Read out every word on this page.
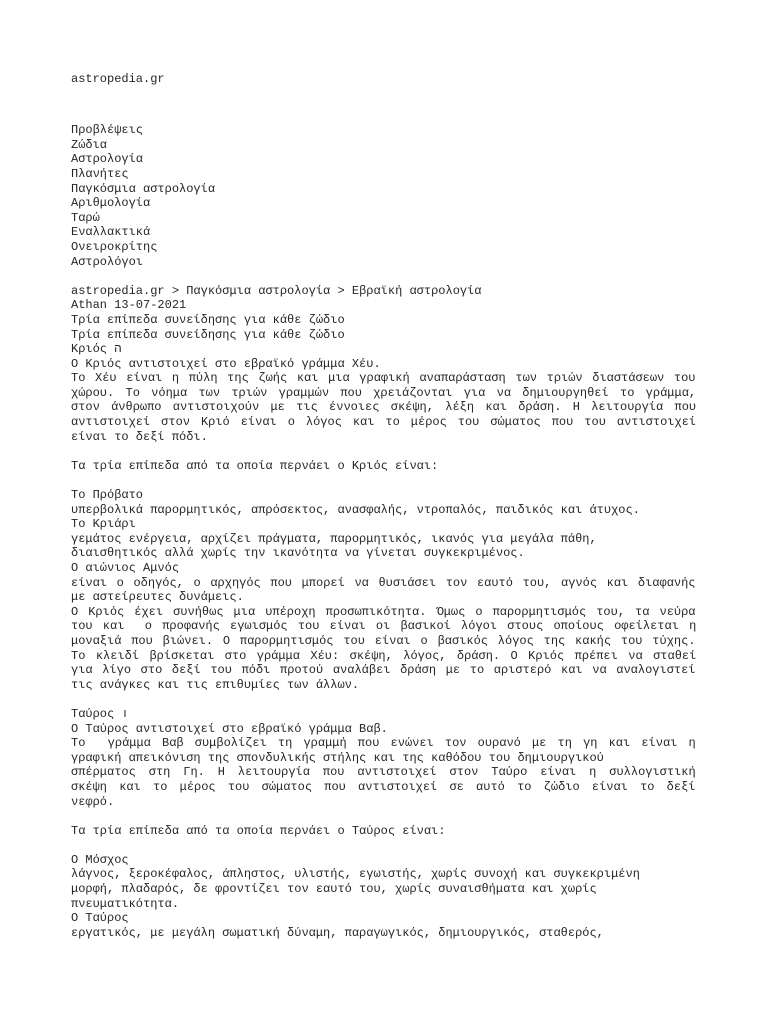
astropedia.gr
Προβλέψεις
Ζώδια
Αστρολογία
Πλανήτες
Παγκόσμια αστρολογία
Αριθμολογία
Ταρώ
Εναλλακτικά
Ονειροκρίτης
Αστρολόγοι
astropedia.gr > Παγκόσμια αστρολογία > Εβραϊκή αστρολογία
Athan 13-07-2021
Τρία επίπεδα συνείδησης για κάθε ζώδιο
Τρία επίπεδα συνείδησης για κάθε ζώδιο
Κριός ה
Ο Κριός αντιστοιχεί στο εβραϊκό γράμμα Χέυ.
Το Χέυ είναι η πύλη της ζωής και μια γραφική αναπαράσταση των τριών διαστάσεων του
χώρου. Το νόημα των τριών γραμμών που χρειάζονται για να δημιουργηθεί το γράμμα,
στον άνθρωπο αντιστοιχούν με τις έννοιες σκέψη, λέξη και δράση. Η λειτουργία που
αντιστοιχεί στον Κριό είναι ο λόγος και το μέρος του σώματος που του αντιστοιχεί
είναι το δεξί πόδι.
Τα τρία επίπεδα από τα οποία περνάει ο Κριός είναι:
Το Πρόβατο
υπερβολικά παρορμητικός, απρόσεκτος, ανασφαλής, ντροπαλός, παιδικός και άτυχος.
Το Κριάρι
γεμάτος ενέργεια, αρχίζει πράγματα, παρορμητικός, ικανός για μεγάλα πάθη,
διαισθητικός αλλά χωρίς την ικανότητα να γίνεται συγκεκριμένος.
Ο αιώνιος Αμνός
είναι ο οδηγός, ο αρχηγός που μπορεί να θυσιάσει τον εαυτό του, αγνός και διαφανής
με αστείρευτες δυνάμεις.
Ο Κριός έχει συνήθως μια υπέροχη προσωπικότητα. Όμως ο παρορμητισμός του, τα νεύρα
του και  ο προφανής εγωισμός του είναι οι βασικοί λόγοι στους οποίους οφείλεται η
μοναξιά που βιώνει. Ο παρορμητισμός του είναι ο βασικός λόγος της κακής του τύχης.
Το κλειδί βρίσκεται στο γράμμα Χέυ: σκέψη, λόγος, δράση. Ο Κριός πρέπει να σταθεί
για λίγο στο δεξί του πόδι προτού αναλάβει δράση με το αριστερό και να αναλογιστεί
τις ανάγκες και τις επιθυμίες των άλλων.
Ταύρος ו
Ο Ταύρος αντιστοιχεί στο εβραϊκό γράμμα Βαβ.
Το  γράμμα Βαβ συμβολίζει τη γραμμή που ενώνει τον ουρανό με τη γη και είναι η
γραφική απεικόνιση της σπονδυλικής στήλης και της καθόδου του δημιουργικού
σπέρματος στη Γη. Η λειτουργία που αντιστοιχεί στον Ταύρο είναι η συλλογιστική
σκέψη και το μέρος του σώματος που αντιστοιχεί σε αυτό το ζώδιο είναι το δεξί
νεφρό.
Τα τρία επίπεδα από τα οποία περνάει ο Ταύρος είναι:
Ο Μόσχος
λάγνος, ξεροκέφαλος, άπληστος, υλιστής, εγωιστής, χωρίς συνοχή και συγκεκριμένη
μορφή, πλαδαρός, δε φροντίζει τον εαυτό του, χωρίς συναισθήματα και χωρίς
πνευματικότητα.
Ο Ταύρος
εργατικός, με μεγάλη σωματική δύναμη, παραγωγικός, δημιουργικός, σταθερός,
